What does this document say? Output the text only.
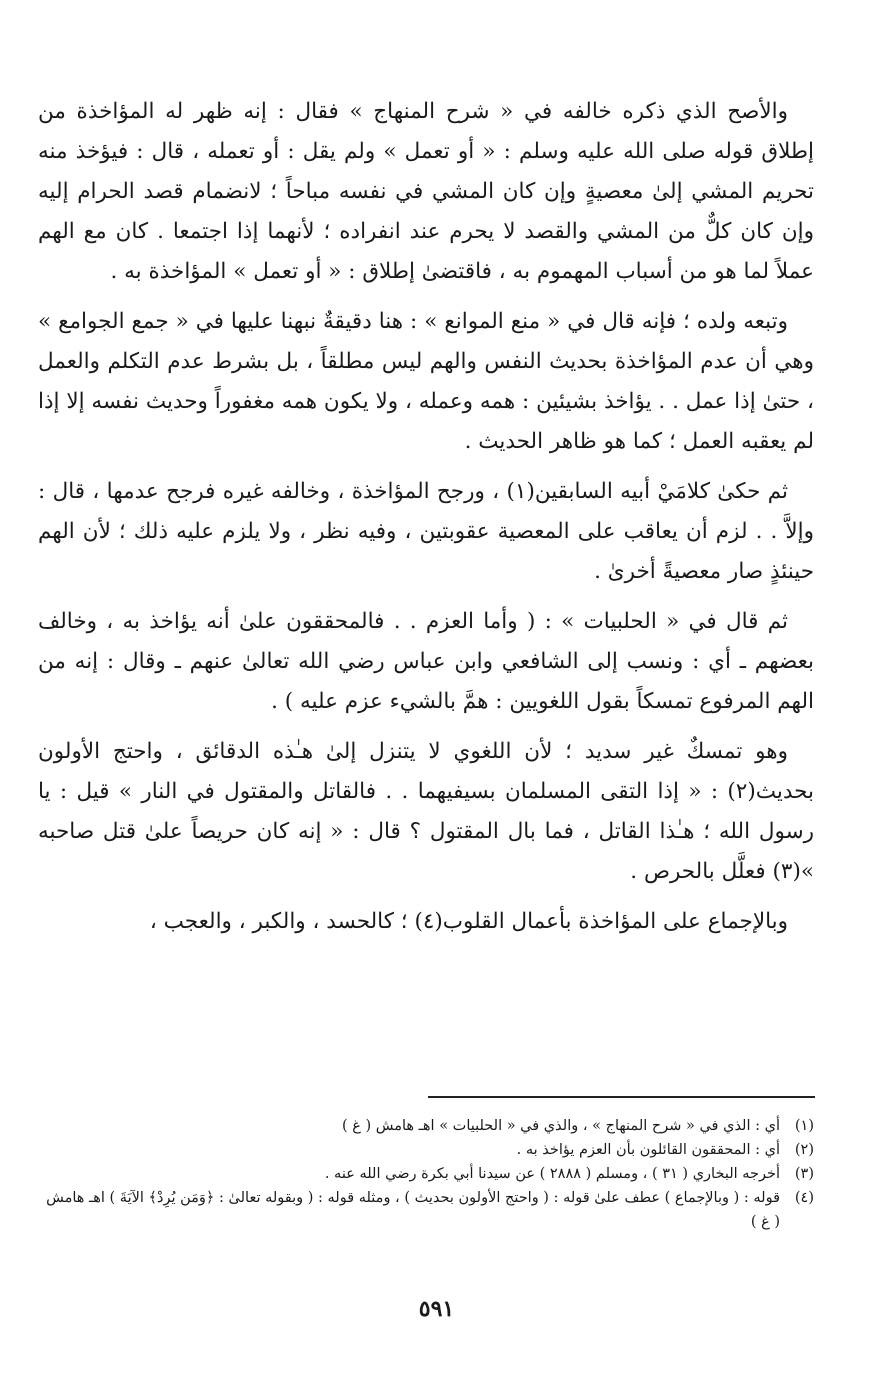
والأصح الذي ذكره خالفه في « شرح المنهاج » فقال : إنه ظهر له المؤاخذة من إطلاق قوله صلى الله عليه وسلم : « أو تعمل » ولم يقل : أو تعمله ، قال : فيؤخذ منه تحريم المشي إلىٰ معصيةٍ وإن كان المشي في نفسه مباحاً ؛ لانضمام قصد الحرام إليه وإن كان كلٌّ من المشي والقصد لا يحرم عند انفراده ؛ لأنهما إذا اجتمعا . كان مع الهم عملاً لما هو من أسباب المهموم به ، فاقتضىٰ إطلاق : « أو تعمل » المؤاخذة به .

وتبعه ولده ؛ فإنه قال في « منع الموانع » : هنا دقيقةٌ نبهنا عليها في « جمع الجوامع » وهي أن عدم المؤاخذة بحديث النفس والهم ليس مطلقاً ، بل بشرط عدم التكلم والعمل ، حتىٰ إذا عمل . . يؤاخذ بشيئين : همه وعمله ، ولا يكون همه مغفوراً وحديث نفسه إلا إذا لم يعقبه العمل ؛ كما هو ظاهر الحديث .

ثم حكىٰ كلامَيْ أبيه السابقين(١) ، ورجح المؤاخذة ، وخالفه غيره فرجح عدمها ، قال : وإلاَّ . . لزم أن يعاقب على المعصية عقوبتين ، وفيه نظر ، ولا يلزم عليه ذلك ؛ لأن الهم حينئذٍ صار معصيةً أخرىٰ .

ثم قال في « الحلبيات » : ( وأما العزم . . فالمحققون علىٰ أنه يؤاخذ به ، وخالف بعضهم ـ أي : ونسب إلى الشافعي وابن عباس رضي الله تعالىٰ عنهم ـ وقال : إنه من الهم المرفوع تمسكاً بقول اللغويين : همَّ بالشيء عزم عليه ) .

وهو تمسكٌ غير سديد ؛ لأن اللغوي لا يتنزل إلىٰ هـٰذه الدقائق ، واحتج الأولون بحديث(٢) : « إذا التقى المسلمان بسيفيهما . . فالقاتل والمقتول في النار » قيل : يا رسول الله ؛ هـٰذا القاتل ، فما بال المقتول ؟ قال : « إنه كان حريصاً علىٰ قتل صاحبه »(٣) فعلَّل بالحرص .

وبالإجماع على المؤاخذة بأعمال القلوب(٤) ؛ كالحسد ، والكبر ، والعجب ،

(١)
أي : الذي في « شرح المنهاج » ، والذي في « الحلبيات » اهـ هامش ( غ )
(٢)
أي : المحققون القائلون بأن العزم يؤاخذ به .
(٣)
أخرجه البخاري ( ٣١ ) ، ومسلم ( ٢٨٨٨ ) عن سيدنا أبي بكرة رضي الله عنه .
(٤)
قوله : ( وبالإجماع ) عطف علىٰ قوله : ( واحتج الأولون بحديث ) ، ومثله قوله : ( وبقوله تعالىٰ : ﴿وَمَن يُرِدْ﴾ الآيَةَ ) اهـ هامش ( غ )
٥٩١
